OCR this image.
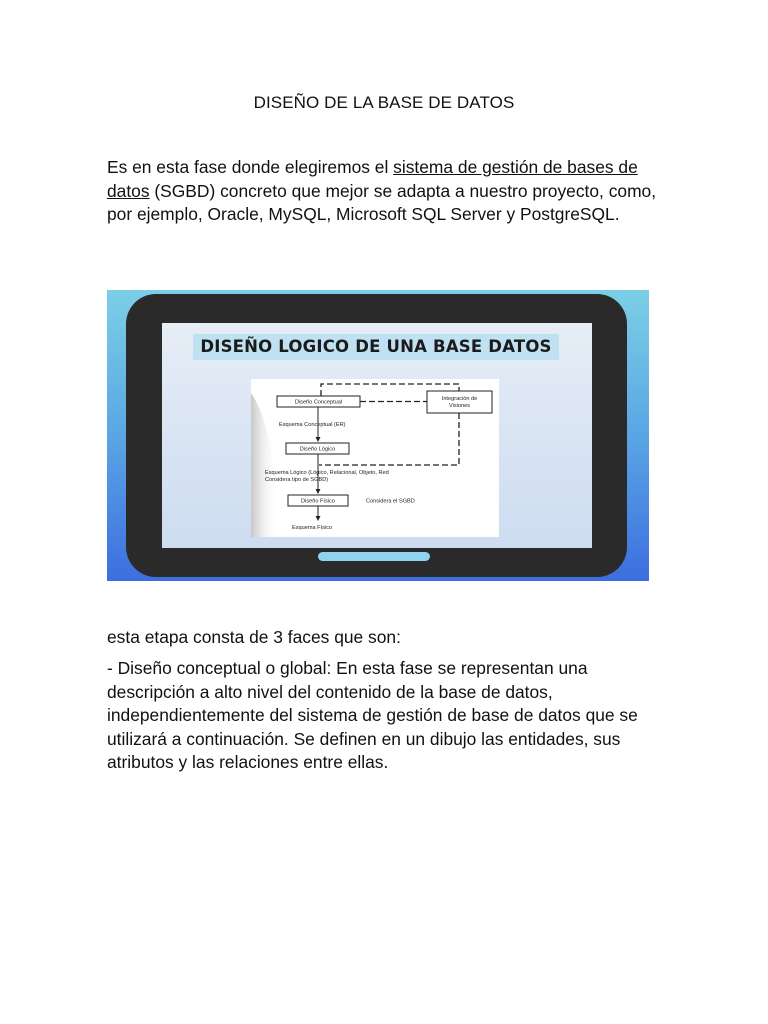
DISEÑO DE LA BASE DE DATOS

Es en esta fase donde elegiremos el sistema de gestión de bases de datos (SGBD) concreto que mejor se adapta a nuestro proyecto, como, por ejemplo, Oracle, MySQL, Microsoft SQL Server y PostgreSQL.

DISEÑO LOGICO DE UNA BASE DATOS
Diseño Conceptual
Integración de
Visiones
Esquema Conceptual (ER)
Diseño Lógico
Esquema Lógico (Lógico, Relacional, Objeto, Red
Considera tipo de SGBD)
Diseño Físico	Considera el SGBD
Esquema Físico

esta etapa consta de 3 faces que son:

- Diseño conceptual o global: En esta fase se representan una descripción a alto nivel del contenido de la base de datos, independientemente del sistema de gestión de base de datos que se utilizará a continuación. Se definen en un dibujo las entidades, sus atributos y las relaciones entre ellas.
